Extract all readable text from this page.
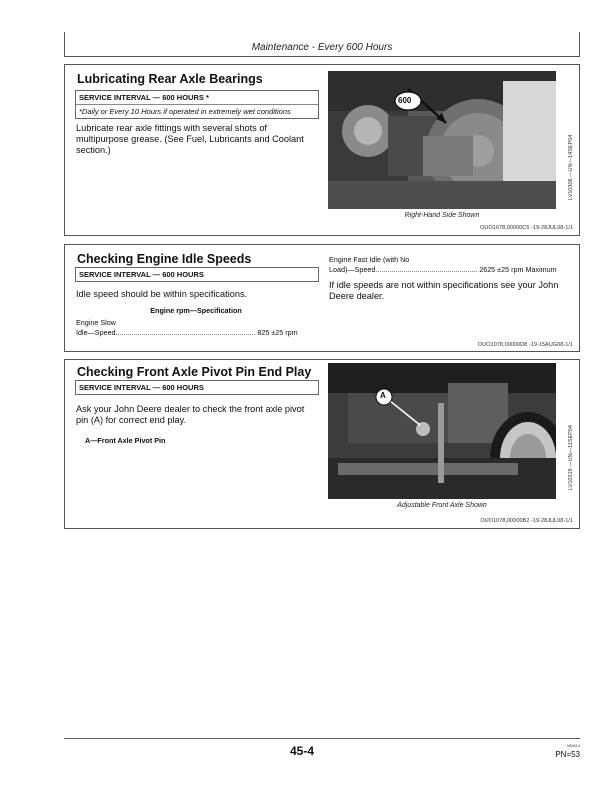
Maintenance - Every 600 Hours
Lubricating Rear Axle Bearings
SERVICE INTERVAL — 600 HOURS *
*Daily or Every 10 Hours if operated in extremely wet conditions
Lubricate rear axle fittings with several shots of multipurpose grease. (See Fuel, Lubricants and Coolant section.)
600
LV10306 —UN—14SEP04
Right-Hand Side Shown
OUO1078,00000C5 -19-28JUL08-1/1
Checking Engine Idle Speeds
SERVICE INTERVAL — 600 HOURS
Idle speed should be within specifications.
Engine rpm—Specification
Engine Slow
Idle—Speed...................................................................... 825 ±25 rpm
Engine Fast Idle (with No
Load)—Speed................................................... 2625 ±25 rpm Maximum
If idle speeds are not within specifications see your John Deere dealer.
OUO1078,00000D8 -19-15AUG08-1/1
Checking Front Axle Pivot Pin End Play
SERVICE INTERVAL — 600 HOURS
Ask your John Deere dealer to check the front axle pivot pin (A) for correct end play.
A—Front Axle Pivot Pin
A
LV10319 —UN—11SEP04
Adjustable Front Axle Shown
OUO1078,00000B2 -19-28JUL08-1/1
45-4	080814
PN=53
